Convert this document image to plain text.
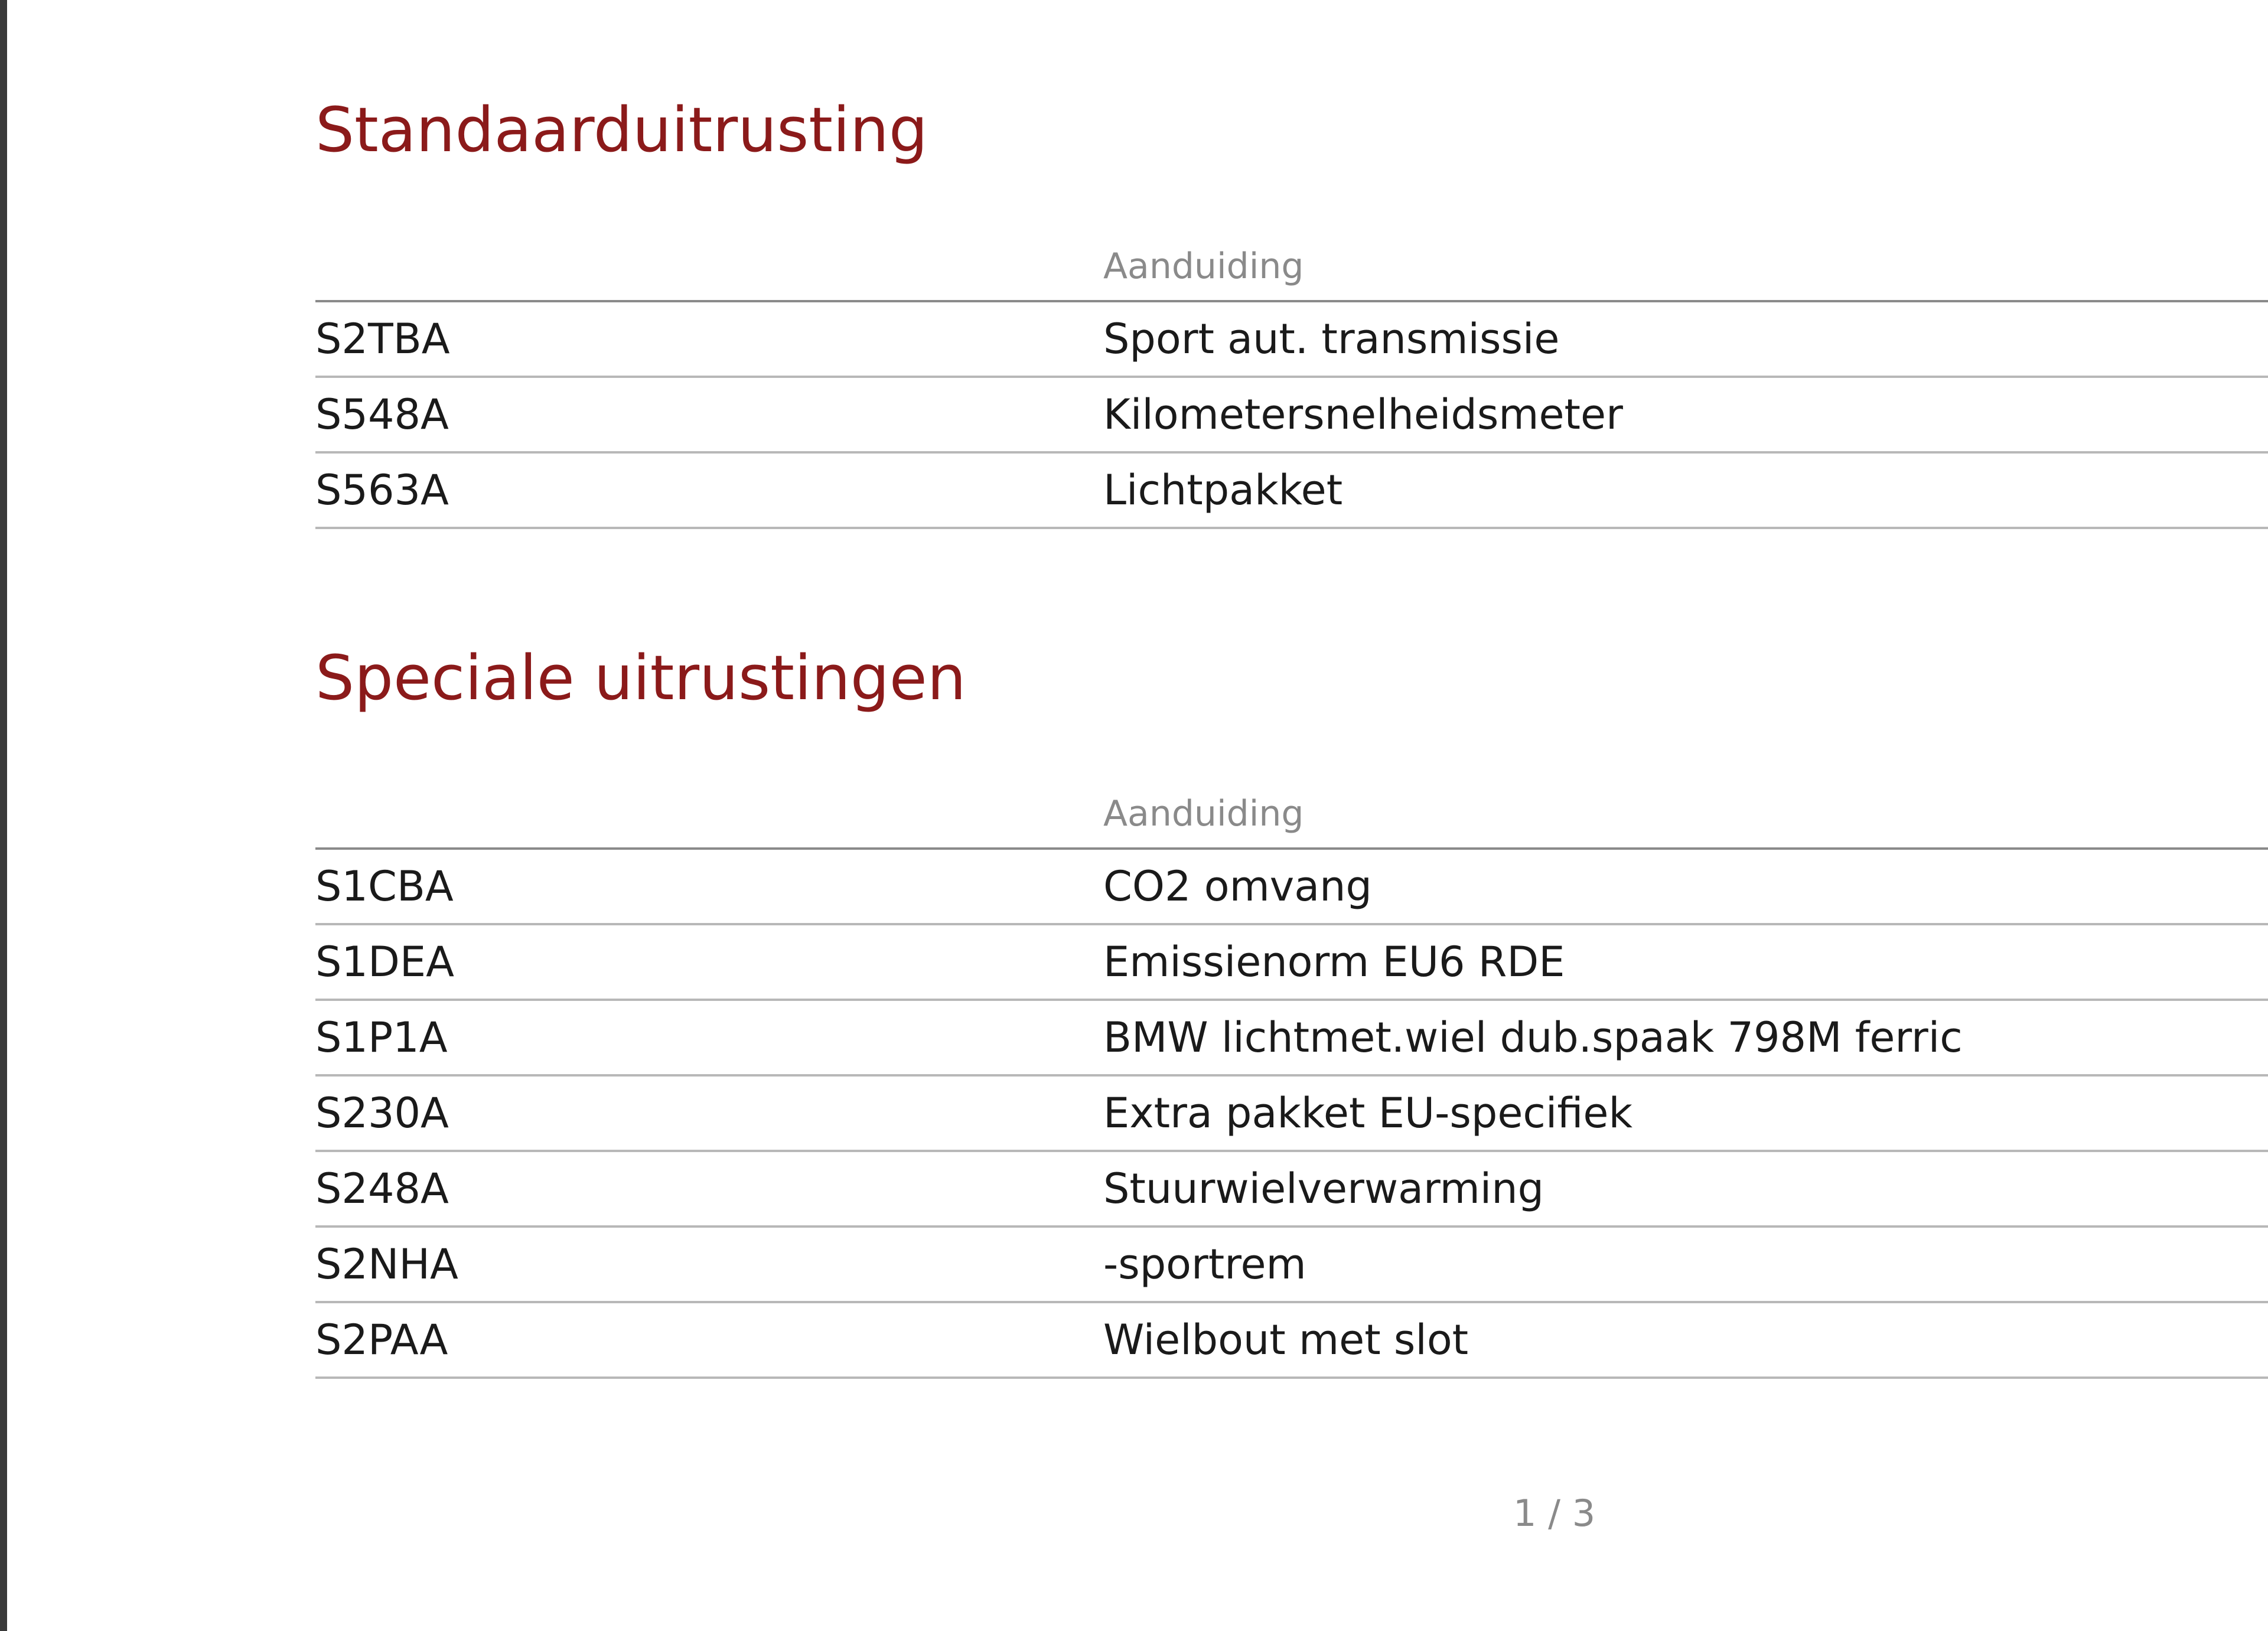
Standaarduitrusting
Aanduiding
S2TBA	Sport aut. transmissie
S548A	Kilometersnelheidsmeter
S563A	Lichtpakket
Speciale uitrustingen
Aanduiding
S1CBA	CO2 omvang
S1DEA	Emissienorm EU6 RDE
S1P1A	BMW lichtmet.wiel dub.spaak 798M ferric
S230A	Extra pakket EU-specifiek
S248A	Stuurwielverwarming
S2NHA	-sportrem
S2PAA	Wielbout met slot
1 / 3
